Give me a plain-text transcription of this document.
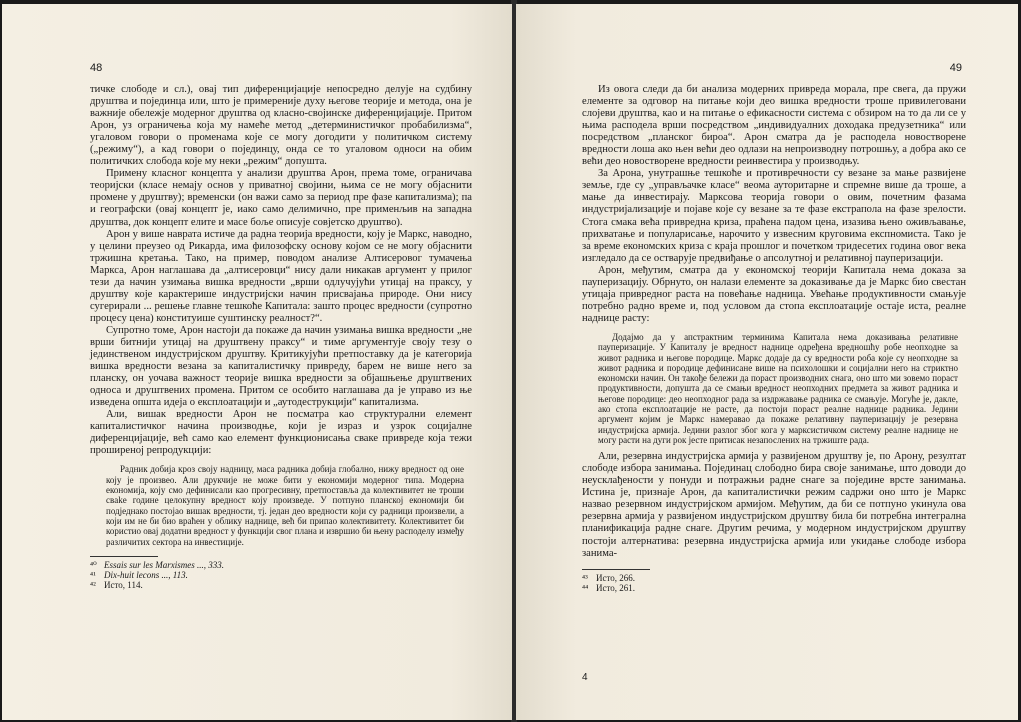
48

тичке слободе и сл.), овај тип диференцијације непосредно делује на судбину друштва и појединца или, што је примереније духу његове теорије и метода, она је важније обележје модерног друштва од класно-својинске диференцијације. Притом Арон, уз ограничења која му намеће метод „детерминистичког пробабилизма“, угаловом говори о променама које се могу догодити у политичком систему („режиму“), а кад говори о појединцу, онда се то угаловом односи на обим политичких слобода које му неки „режим“ допушта.

Примену класног концепта у анализи друштва Арон, према томе, ограничава теоријски (класе немају основ у приватној својини, њима се не могу објаснити промене у друштву); временски (он важи само за период пре фазе капитализма); па и географски (овај концепт је, иако само делимично, пре применљив на западна друштва, док концепт елите и масе боље описује совјетско друштво).

Арон у више наврата истиче да радна теорија вредности, коју је Маркс, наводно, у целини преузео од Рикарда, има филозофску основу којом се не могу објаснити тржишна кретања. Тако, на пример, поводом анализе Алтисеровог тумачења Маркса, Арон наглашава да „алтисеровци“ нису дали никакав аргумент у прилог тези да начин узимања вишка вредности „врши одлучујући утицај на праксу, у друштву које карактерише индустријски начин присвајања природе. Они нису сугерирали ... решење главне тешкоће Капитала: зашто процес вредности (супротно процесу цена) конституише суштинску реалност?“.

Супротно томе, Арон настоји да покаже да начин узимања вишка вредности „не врши битнији утицај на друштвену праксу“ и тиме аргументује своју тезу о јединственом индустријском друштву. Критикујући претпоставку да је категорија вишка вредности везана за капиталистичку привреду, барем не више него за планску, он уочава важност теорије вишка вредности за објашњење друштвених односа и друштвених промена. Притом се особито наглашава да је управо из ње изведена општа идеја о експлоатацији и „аутодеструкцији“ капитализма.

Али, вишак вредности Арон не посматра као структурални елемент капиталистичког начина производње, који је израз и узрок социјалне диференцијације, већ само као елемент функционисања сваке привреде која тежи проширеној репродукцији:

Радник добија кроз своју надницу, маса радника добија глобално, нижу вредност од оне коју је произвео. Али друкчије не може бити у економији модерног типа. Модерна економија, коју смо дефинисали као прогресивну, претпоставља да колективитет не троши свake године целокупну вредност коју произведе. У потпуно планској економији би подједнако постојао вишак вредности, тј. један део вредности који су радници произвели, а који им не би био враћен у облику наднице, већ би припао колективитету. Колективитет би користио овај додатни вредност у функцији свог плана и извршио би њену расподелу између различитих сектора на инвестиције.

⁴⁰ Essais sur les Marxismes ..., 333.

⁴¹ Dix-huit lecons ..., 113.

⁴² Исто, 114.

49

Из овога следи да би анализа модерних привреда морала, пре свега, да пружи елементе за одговор на питање који део вишка вредности троше привилеговани слојеви друштва, као и на питање о ефикасности система с обзиром на то да ли се у њима расподела врши посредством „индивидуалних доходака предузетника“ или посредством „планског бироа“. Арон сматра да је расподела новостворене вредности лоша ако њен већи део одлази на непроизводну потрошњу, а добра ако се већи део новостворене вредности реинвестира у производњу.

За Арона, унутрашње тешкоће и противречности су везане за мање развијене земље, где су „управљачке класе“ веома ауторитарне и спремне више да троше, а мање да инвестирају. Марксова теорија говори о овим, почетним фазама индустријализације и појаве које су везане за те фазе екстрапола на фазе зрелости. Стога смака већа привредна криза, праћена падом цена, изазива њено оживљавање, прихватање и популарисање, нарочито у извесним круговима експномиста. Тако је за време економских криза с краја прошлог и почетком тридесетих година овог века изгледало да се остварује предвиђање о апсолутној и релативној пауперизацији.

Арон, међутим, сматра да у економској теорији Капитала нема доказа за пауперизацију. Обрнуто, он налази елементе за доказивање да је Маркс био свестан утицаја привредног раста на повећање надница. Увећање продуктивности смањује потребно радно време и, под условом да стопа експлоатације остаје иста, реалне наднице расту:

Додајмо да у апстрактним терминима Капитала нема доказивања релативне пауперизације. У Капиталу је вредност наднице одређена вредношћу робе неопходне за живот радника и његове породице. Маркс додаје да су вредности роба које су неопходне за живот радника и породице дефинисане више на психолошки и социјални него на стриктно економски начин. Он такође бележи да пораст производних снага, оно што ми зовемо пораст продуктивности, допушта да се смањи вредност неопходних предмета за живот радника и његове породице: део неопходног рада за издржавање радника се смањује. Могуће је, дакле, ако стопа експлоатације не расте, да постоји пораст реалне наднице радника. Једини аргумент којим је Маркс намеравао да покаже релативну пауперизацију је резервна индустријска армија. Једини разлог због кога у марксистичком систему реалне наднице не могу расти на дуги рок јесте притисак незапослених на тржиште рада.

Али, резервна индустријска армија у развијеном друштву је, по Арону, резултат слободе избора занимања. Појединац слободно бира своје занимање, што доводи до неусклађености у понуди и потражњи радне снаге за поједине врсте занимања. Истина је, признаје Арон, да капиталистички режим садржи оно што је Маркс назвао резервном индустријском армијом. Међутим, да би се потпуно укинула ова резервна армија у развијеном индустријском друштву била би потребна интегрална планификација радне снаге. Другим речима, у модерном индустријском друштву постоји алтернатива: резервна индустријска армија или укидање слободе избора занима-

⁴³ Исто, 266.

⁴⁴ Исто, 261.

4
